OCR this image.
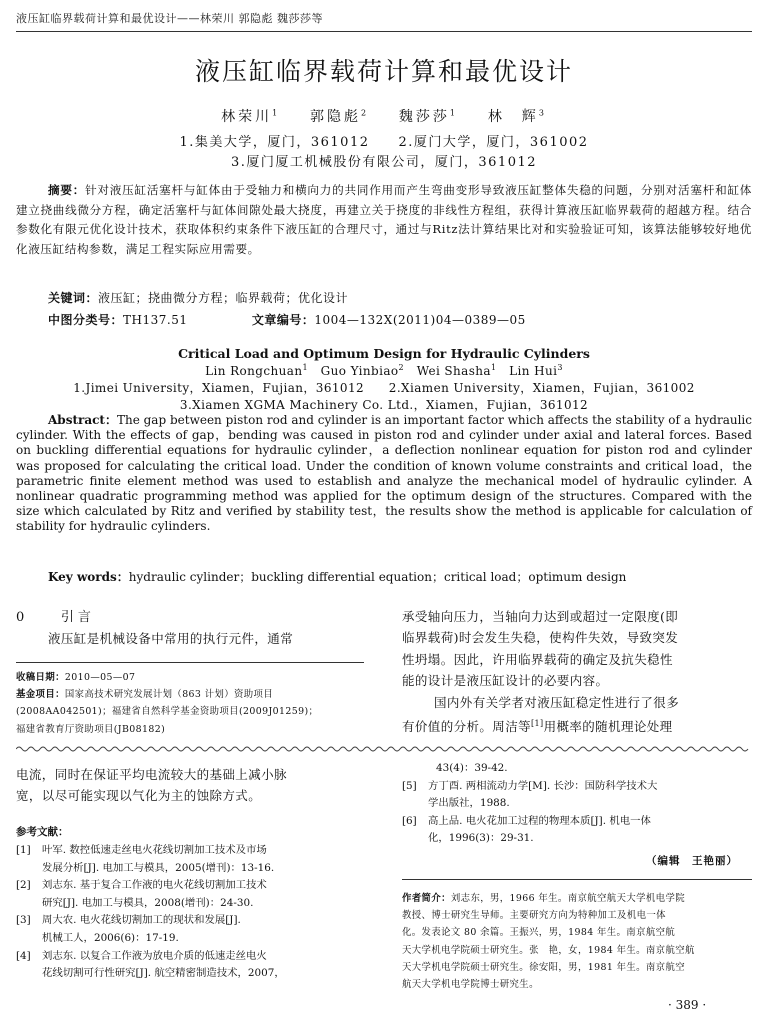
液压缸临界载荷计算和最优设计——林荣川 郭隐彪 魏莎莎等
液压缸临界载荷计算和最优设计
林荣川$^1$ 郭隐彪$^2$ 魏莎莎$^1$ 林　辉$^3$
1.集美大学，厦门，361012　　2.厦门大学，厦门，361002
3.厦门厦工机械股份有限公司，厦门，361012
摘要：针对液压缸活塞杆与缸体由于受轴力和横向力的共同作用而产生弯曲变形导致液压缸整体失稳的问题，分别对活塞杆和缸体建立挠曲线微分方程，确定活塞杆与缸体间隙处最大挠度，再建立关于挠度的非线性方程组，获得计算液压缸临界载荷的超越方程。结合参数化有限元优化设计技术，获取体积约束条件下液压缸的合理尺寸，通过与Ritz法计算结果比对和实验验证可知，该算法能够较好地优化液压缸结构参数，满足工程实际应用需要。
关键词：液压缸；挠曲微分方程；临界载荷；优化设计
中图分类号：TH137.51	文章编号：1004—132X(2011)04—0389—05
Critical Load and Optimum Design for Hydraulic Cylinders
Lin Rongchuan$^1$ Guo Yinbiao$^2$ Wei Shasha$^1$ Lin Hui$^3$
1.Jimei University，Xiamen，Fujian，361012　　2.Xiamen University，Xiamen，Fujian，361002
3.Xiamen XGMA Machinery Co. Ltd.，Xiamen，Fujian，361012
Abstract：The gap between piston rod and cylinder is an important factor which affects the stability of a hydraulic cylinder. With the effects of gap，bending was caused in piston rod and cylinder under axial and lateral forces. Based on buckling differential equations for hydraulic cylinder，a deflection nonlinear equation for piston rod and cylinder was proposed for calculating the critical load. Under the condition of known volume constraints and critical load，the parametric finite element method was used to establish and analyze the mechanical model of hydraulic cylinder. A nonlinear quadratic programming method was applied for the optimum design of the structures. Compared with the size which calculated by Ritz and verified by stability test，the results show the method is applicable for calculation of stability for hydraulic cylinders.
Key words：hydraulic cylinder；buckling differential equation；critical load；optimum design
0	引言
液压缸是机械设备中常用的执行元件，通常
收稿日期：2010—05—07
基金项目：国家高技术研究发展计划（863 计划）资助项目
(2008AA042501)；福建省自然科学基金资助项目(2009J01259)；
福建省教育厅资助项目(JB08182)
承受轴向压力，当轴向力达到或超过一定限度(即
临界载荷)时会发生失稳，使构件失效，导致突发
性坍塌。因此，许用临界载荷的确定及抗失稳性
能的设计是液压缸设计的必要内容。
国内外有关学者对液压缸稳定性进行了很多
有价值的分析。周洁等[1]用概率的随机理论处理
电流，同时在保证平均电流较大的基础上减小脉
宽，以尽可能实现以气化为主的蚀除方式。
参考文献：
[1]	叶军. 数控低速走丝电火花线切割加工技术及市场
发展分析[J]. 电加工与模具，2005(增刊)：13-16.
[2]	刘志东. 基于复合工作液的电火花线切割加工技术
研究[J]. 电加工与模具，2008(增刊)：24-30.
[3]	周大农. 电火花线切割加工的现状和发展[J].
机械工人，2006(6)：17-19.
[4]	刘志东. 以复合工作液为放电介质的低速走丝电火
花线切割可行性研究[J]. 航空精密制造技术，2007，
43(4)：39-42.
[5]	方丁酉. 两相流动力学[M]. 长沙：国防科学技术大
学出版社，1988.
[6]	高上品. 电火花加工过程的物理本质[J]. 机电一体
化，1996(3)：29-31.
（编辑　王艳丽）
作者简介：刘志东，男，1966 年生。南京航空航天大学机电学院
教授、博士研究生导师。主要研究方向为特种加工及机电一体
化。发表论文 80 余篇。王振兴，男，1984 年生。南京航空航
天大学机电学院硕士研究生。张　艳，女，1984 年生。南京航空航
天大学机电学院硕士研究生。徐安阳，男，1981 年生。南京航空
航天大学机电学院博士研究生。
· 389 ·
